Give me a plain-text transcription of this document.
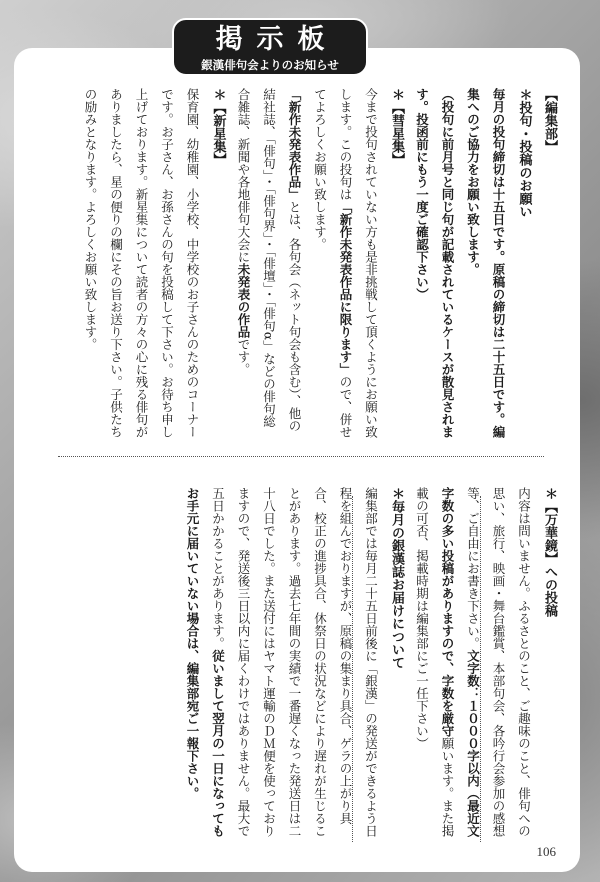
掲示板
銀漢俳句会よりのお知らせ
【編集部】
＊投句・投稿のお願い
毎月の投句締切は十五日です。原稿の締切は二十五日です。編集へのご協力をお願い致します。
（投句に前月号と同じ句が記載されているケースが散見されます。投函前にもう一度ご確認下さい）
＊【彗星集】
今まで投句されていない方も是非挑戦して頂くようにお願い致します。この投句は「新作未発表作品に限ります」ので、併せてよろしくお願い致します。
「新作未発表作品」とは、各句会（ネット句会も含む）、他の結社誌、「俳句」・「俳句界」・「俳壇」・「俳句α」などの俳句総合雑誌、新聞や各地俳句大会に未発表の作品です。
＊【新星集】
保育園、幼稚園、小学校、中学校のお子さんのためのコーナーです。お子さん、お孫さんの句を投稿して下さい。お待ち申し上げております。新星集について読者の方々の心に残る俳句がありましたら、星の便りの欄にその旨お送り下さい。子供たちの励みとなります。よろしくお願い致します。
＊【万華鏡】への投稿
内容は問いません。ふるさとのこと、ご趣味のこと、俳句への思い、旅行、映画・舞台鑑賞、本部句会、各吟行会参加の感想等、ご自由にお書き下さい。文字数：１０００字以内（最近文字数の多い投稿がありますので、字数を厳守願います。また掲載の可否、掲載時期は編集部にご一任下さい）
＊毎月の銀漢誌お届けについて
編集部では毎月二十五日前後に「銀漢」の発送ができるよう日程を組んでおりますが、原稿の集まり具合、ゲラの上がり具合、校正の進捗具合、休祭日の状況などにより遅れが生じることがあります。過去七年間の実績で一番遅くなった発送日は二十八日でした。また送付にはヤマト運輸のＤＭ便を使っておりますので、発送後三日以内に届くわけではありません。最大で五日かかることがあります。従いまして翌月の一日になってもお手元に届いていない場合は、編集部宛ご一報下さい。
106
